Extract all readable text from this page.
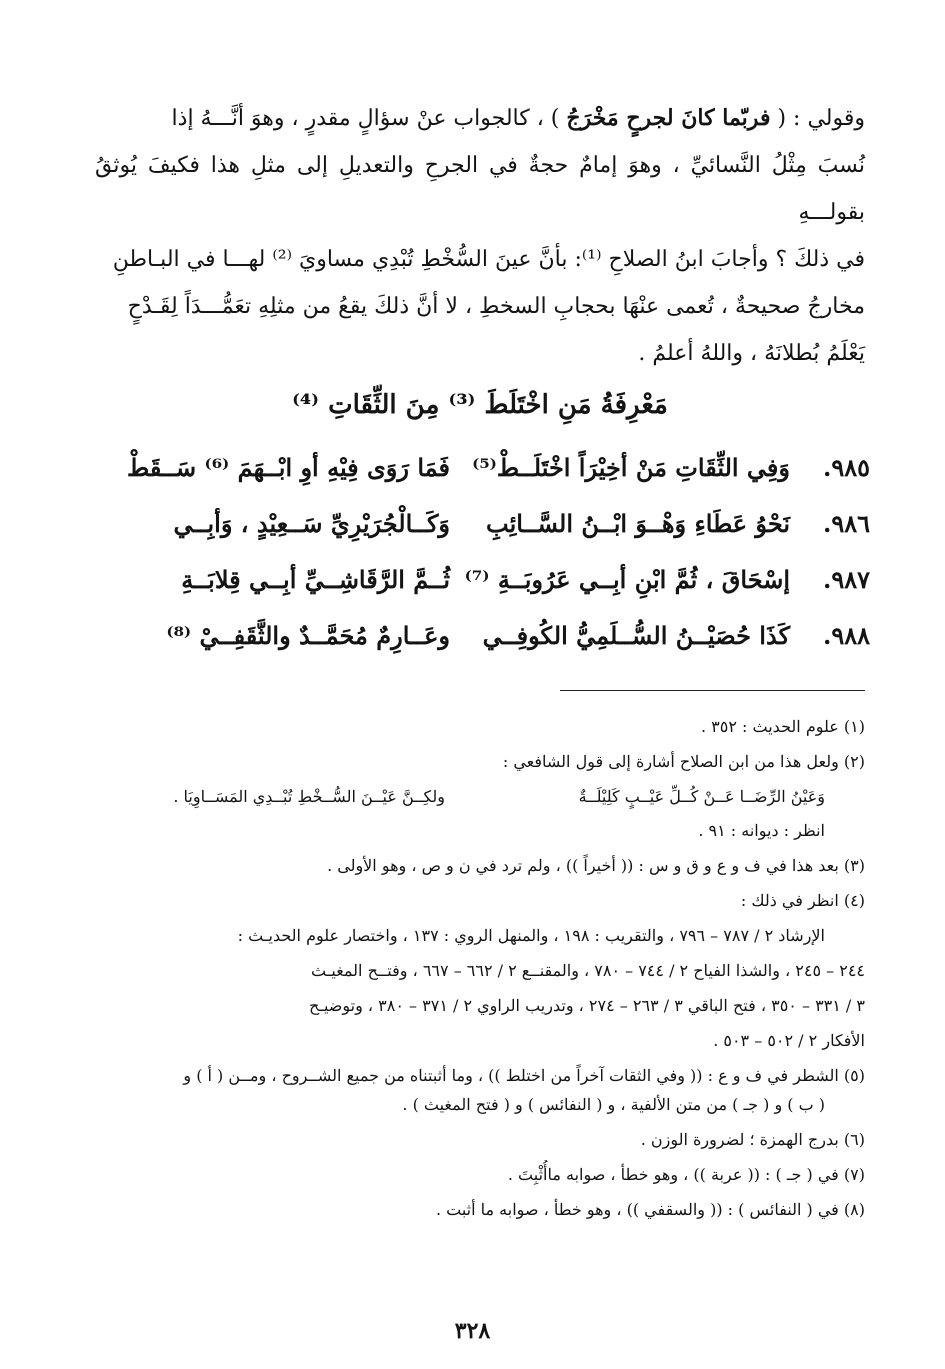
وقولي : ( فربّما كانَ لجرحٍ مَخْرَجُ ) ، كالجواب عنْ سؤالٍ مقدرٍ ، وهوَ أنَّـــهُ إذا

نُسبَ مِثْلُ النَّسائيِّ ، وهوَ إمامٌ حجةٌ في الجرحِ والتعديلِ إلى مثلِ هذا فكيفَ يُوثقُ بقولـــهِ

في ذلكَ ؟ وأجابَ ابنُ الصلاحِ ⁽¹⁾: بأنَّ عينَ السُّخْطِ تُبْدِي مساويَ ⁽²⁾ لهـــا في البـاطنِ

مخارجُ صحيحةٌ ، تُعمى عنْهَا بحجابِ السخطِ ، لا أنَّ ذلكَ يقعُ من مثلِهِ تعَمُّـــدَاً لِقَـدْحٍ

يَعْلَمُ بُطلانَهُ ، واللهُ أعلمُ .

مَعْرِفَةُ مَنِ اخْتَلَطَ ⁽³⁾ مِنَ الثِّقَاتِ ⁽⁴⁾
٩٨٥.
وَفِي الثِّقَاتِ مَنْ أخِيْرَاً اخْتَلَــطْ⁽⁵⁾
فَمَا رَوَى فِيْهِ أوِ ابْــهَمَ ⁽⁶⁾ سَــقَطْ
٩٨٦.
نَحْوُ عَطَاءِ وَهْــوَ ابْــنُ السَّــائِبِ
وَكَــالْجُرَيْرِيِّ سَــعِيْدٍ ، وَأبِــي
٩٨٧.
إسْحَاقَ ، ثُمَّ ابْنِ أبِــي عَرُوبَــةِ ⁽⁷⁾
ثُــمَّ الرَّقَاشِــيِّ أبِــي قِلابَــةِ
٩٨٨.
كَذَا حُصَيْــنُ السُّــلَمِيُّ الكُوفِــي
وعَــارِمٌ مُحَمَّــدٌ والثَّقَفِــيْ ⁽⁸⁾
(١) علوم الحديث : ٣٥٢ .
(٢) ولعل هذا من ابن الصلاح أشارة إلى قول الشافعي :
وَعَيْنُ الرِّضَــا عَــنْ كُــلِّ عَيْــبٍ كَلِيْلَــةٌ
ولكِــنَّ عَيْــنَ السُّــخْطِ تُبْــدِي المَسَــاوِيَا .
انظر : ديوانه : ٩١ .
(٣) بعد هذا في ف و ع و ق و س : (( أخيراً )) ، ولم ترد في ن و ص ، وهو الأولى .
(٤) انظر في ذلك :
الإرشاد ٢ / ٧٨٧ – ٧٩٦ ، والتقريب : ١٩٨ ، والمنهل الروي : ١٣٧ ، واختصار علوم الحديـث :
٢٤٤ – ٢٤٥ ، والشذا الفياح ٢ / ٧٤٤ – ٧٨٠ ، والمقنــع ٢ / ٦٦٢ – ٦٦٧ ، وفتــح المغيـث
٣ / ٣٣١ – ٣٥٠ ، فتح الباقي ٣ / ٢٦٣ – ٢٧٤ ، وتدريب الراوي ٢ / ٣٧١ – ٣٨٠ ، وتوضيـح
الأفكار ٢ / ٥٠٢ – ٥٠٣ .
(٥) الشطر في ف و ع : (( وفي الثقات آخراً من اختلط )) ، وما أثبتناه من جميع الشــروح ، ومــن ( أ ) و
( ب ) و ( جـ ) من متن الألفية ، و ( النفائس ) و ( فتح المغيث ) .
(٦) بدرج الهمزة ؛ لضرورة الوزن .
(٧) في ( جـ ) : (( عربة )) ، وهو خطأ ، صوابه ماأُثْبِتَ .
(٨) في ( النفائس ) : (( والسقفي )) ، وهو خطأ ، صوابه ما أثبت .
٣٢٨
